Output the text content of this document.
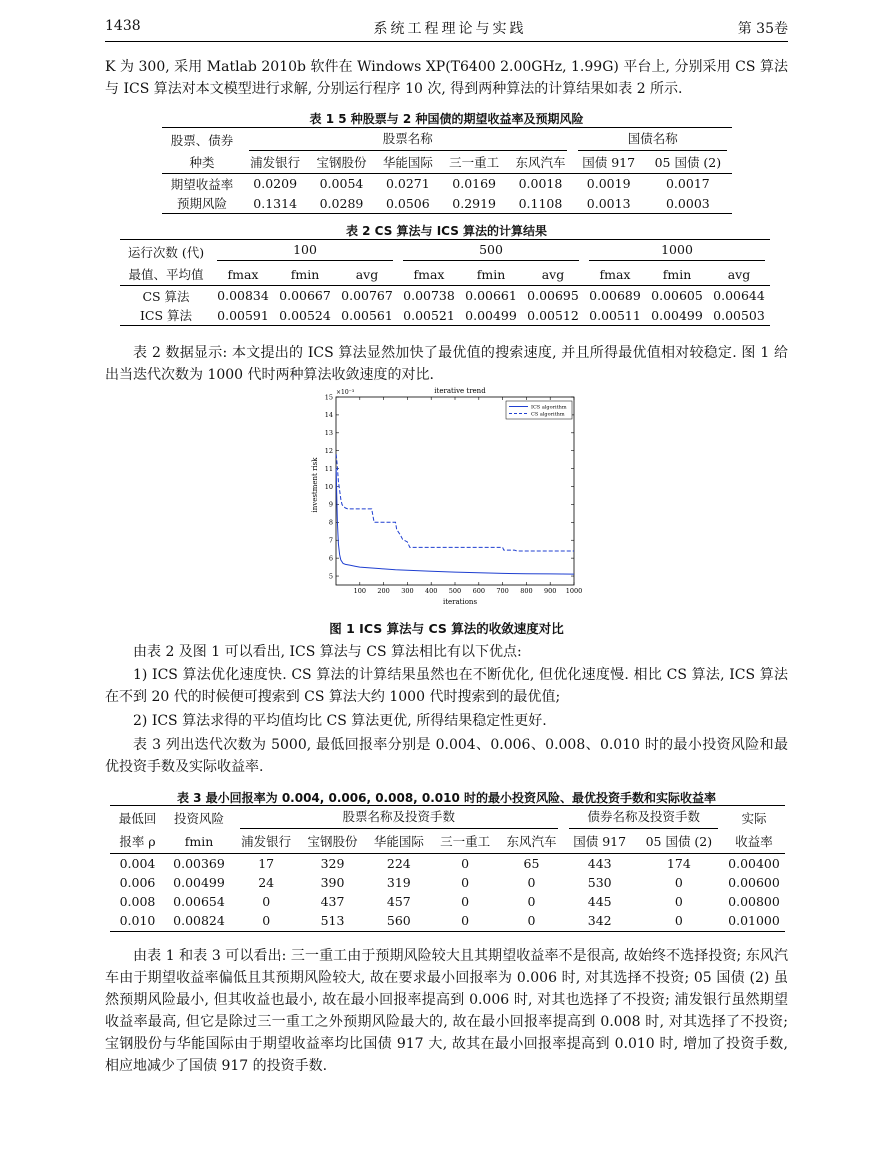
1438	系统工程理论与实践	第 35卷
K 为 300, 采用 Matlab 2010b 软件在 Windows XP(T6400 2.00GHz, 1.99G) 平台上, 分别采用 CS 算法与 ICS 算法对本文模型进行求解, 分别运行程序 10 次, 得到两种算法的计算结果如表 2 所示.
表 1 5 种股票与 2 种国债的期望收益率及预期风险
股票、债券	股票名称					国债名称	
种类	浦发银行	宝钢股份	华能国际	三一重工	东风汽车	国债 917	05 国债 (2)
期望收益率	0.0209	0.0054	0.0271	0.0169	0.0018	0.0019	0.0017
预期风险	0.1314	0.0289	0.0506	0.2919	0.1108	0.0013	0.0003
表 2 CS 算法与 ICS 算法的计算结果
运行次数 (代)	100			500			1000		
最值、平均值	fmax	fmin	avg	fmax	fmin	avg	fmax	fmin	avg
CS 算法	0.00834	0.00667	0.00767	0.00738	0.00661	0.00695	0.00689	0.00605	0.00644
ICS 算法	0.00591	0.00524	0.00561	0.00521	0.00499	0.00512	0.00511	0.00499	0.00503
表 2 数据显示: 本文提出的 ICS 算法显然加快了最优值的搜索速度, 并且所得最优值相对较稳定. 图 1 给出当迭代次数为 1000 代时两种算法收敛速度的对比.
100 200 300 400 500 600 700 800 900 1000
5
6
7
8
9
10
11
12
13
14
15
iterative trend
×10⁻³
iterations
investment risk
ICS algorithm
CS algorithm
图 1 ICS 算法与 CS 算法的收敛速度对比
由表 2 及图 1 可以看出, ICS 算法与 CS 算法相比有以下优点:
1) ICS 算法优化速度快. CS 算法的计算结果虽然也在不断优化, 但优化速度慢. 相比 CS 算法, ICS 算法在不到 20 代的时候便可搜索到 CS 算法大约 1000 代时搜索到的最优值;
2) ICS 算法求得的平均值均比 CS 算法更优, 所得结果稳定性更好.
表 3 列出迭代次数为 5000, 最低回报率分别是 0.004、0.006、0.008、0.010 时的最小投资风险和最优投资手数及实际收益率.
表 3 最小回报率为 0.004, 0.006, 0.008, 0.010 时的最小投资风险、最优投资手数和实际收益率
最低回	投资风险	股票名称及投资手数					债券名称及投资手数		实际
报率 ρ	fmin	浦发银行	宝钢股份	华能国际	三一重工	东风汽车	国债 917	05 国债 (2)	收益率
0.004	0.00369	17	329	224	0	65	443	174	0.00400
0.006	0.00499	24	390	319	0	0	530	0	0.00600
0.008	0.00654	0	437	457	0	0	445	0	0.00800
0.010	0.00824	0	513	560	0	0	342	0	0.01000
由表 1 和表 3 可以看出: 三一重工由于预期风险较大且其期望收益率不是很高, 故始终不选择投资; 东风汽车由于期望收益率偏低且其预期风险较大, 故在要求最小回报率为 0.006 时, 对其选择不投资; 05 国债 (2) 虽然预期风险最小, 但其收益也最小, 故在最小回报率提高到 0.006 时, 对其也选择了不投资; 浦发银行虽然期望收益率最高, 但它是除过三一重工之外预期风险最大的, 故在最小回报率提高到 0.008 时, 对其选择了不投资; 宝钢股份与华能国际由于期望收益率均比国债 917 大, 故其在最小回报率提高到 0.010 时, 增加了投资手数, 相应地减少了国债 917 的投资手数.
